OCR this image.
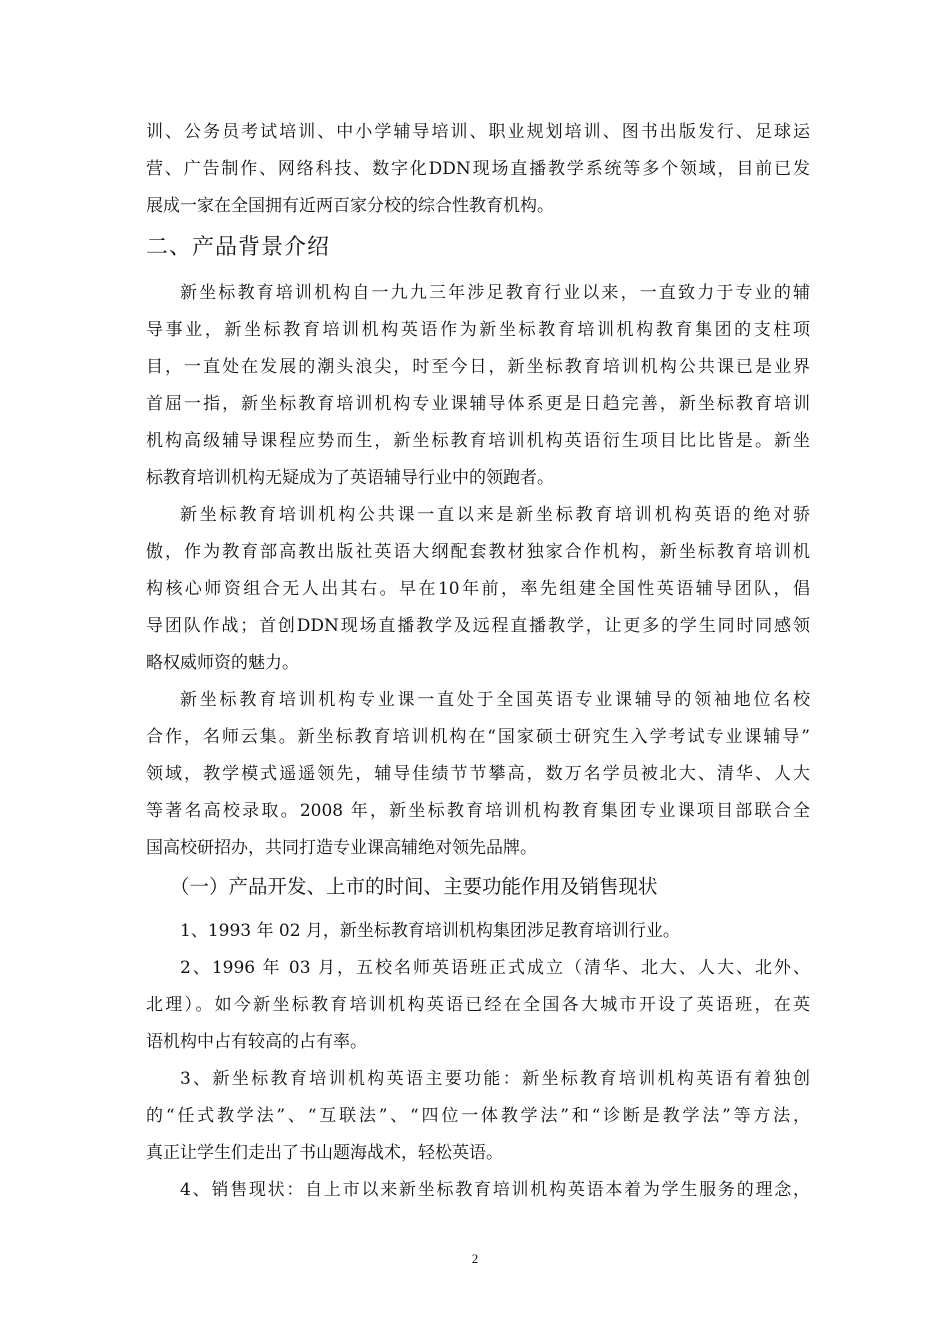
训、公务员考试培训、中小学辅导培训、职业规划培训、图书出版发行、足球运
营、广告制作、网络科技、数字化DDN现场直播教学系统等多个领域，目前已发
展成一家在全国拥有近两百家分校的综合性教育机构。
二、产品背景介绍
新坐标教育培训机构自一九九三年涉足教育行业以来，一直致力于专业的辅
导事业，新坐标教育培训机构英语作为新坐标教育培训机构教育集团的支柱项
目，一直处在发展的潮头浪尖，时至今日，新坐标教育培训机构公共课已是业界
首屈一指，新坐标教育培训机构专业课辅导体系更是日趋完善，新坐标教育培训
机构高级辅导课程应势而生，新坐标教育培训机构英语衍生项目比比皆是。新坐
标教育培训机构无疑成为了英语辅导行业中的领跑者。
新坐标教育培训机构公共课一直以来是新坐标教育培训机构英语的绝对骄
傲，作为教育部高教出版社英语大纲配套教材独家合作机构，新坐标教育培训机
构核心师资组合无人出其右。早在10年前，率先组建全国性英语辅导团队，倡
导团队作战；首创DDN现场直播教学及远程直播教学，让更多的学生同时同感领
略权威师资的魅力。
新坐标教育培训机构专业课一直处于全国英语专业课辅导的领袖地位名校
合作，名师云集。新坐标教育培训机构在“国家硕士研究生入学考试专业课辅导”
领域，教学模式遥遥领先，辅导佳绩节节攀高，数万名学员被北大、清华、人大
等著名高校录取。2008 年，新坐标教育培训机构教育集团专业课项目部联合全
国高校研招办，共同打造专业课高辅绝对领先品牌。
（一）产品开发、上市的时间、主要功能作用及销售现状
1、1993 年 02 月，新坐标教育培训机构集团涉足教育培训行业。
2、1996 年 03 月，五校名师英语班正式成立（清华、北大、人大、北外、
北理）。如今新坐标教育培训机构英语已经在全国各大城市开设了英语班，在英
语机构中占有较高的占有率。
3、新坐标教育培训机构英语主要功能：新坐标教育培训机构英语有着独创
的“任式教学法”、“互联法”、“四位一体教学法”和“诊断是教学法”等方法，
真正让学生们走出了书山题海战术，轻松英语。
4、销售现状：自上市以来新坐标教育培训机构英语本着为学生服务的理念，
2
